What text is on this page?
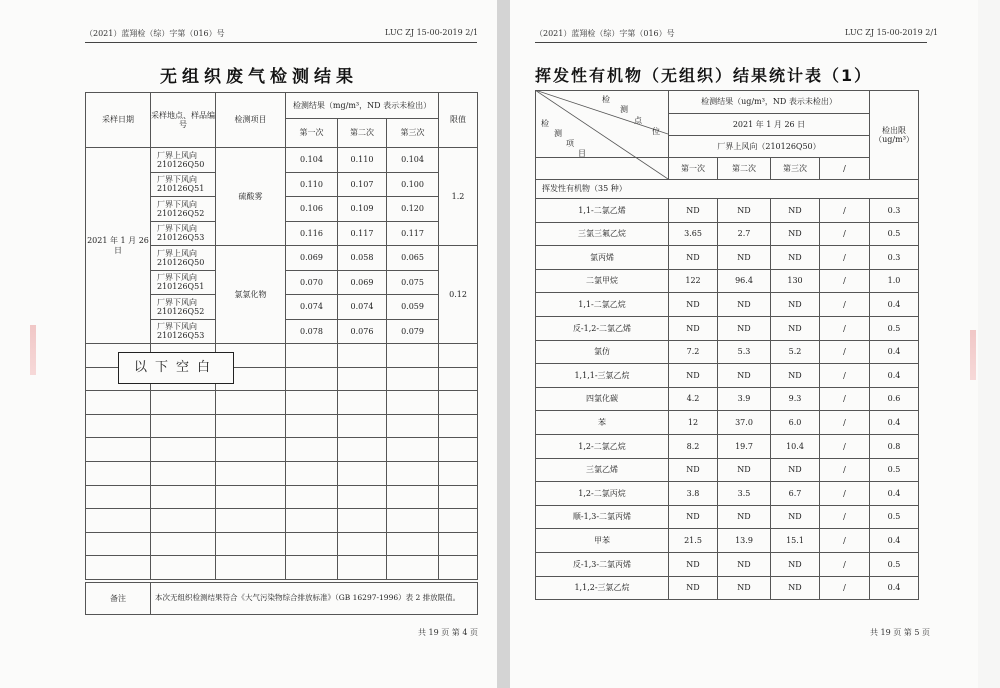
（2021）蓝翔检（综）字第（016）号	LUC ZJ 15-00-2019 2/1
无组织废气检测结果
采样日期	采样地点、样品编号	检测项目	检测结果（mg/m³，ND 表示未检出）			限值
			第一次	第二次	第三次	
2021 年 1 月 26 日	厂界上风向 210126Q50	硫酸雾	0.104	0.110	0.104	1.2
	厂界下风向 210126Q51		0.110	0.107	0.100	
	厂界下风向 210126Q52		0.106	0.109	0.120	
	厂界下风向 210126Q53		0.116	0.117	0.117	
	厂界上风向 210126Q50	氯氯化物	0.069	0.058	0.065	0.12
	厂界下风向 210126Q51		0.070	0.069	0.075	
	厂界下风向 210126Q52		0.074	0.074	0.059	
	厂界下风向 210126Q53		0.078	0.076	0.079	

备注	本次无组织检测结果符合《大气污染物综合排放标准》（GB 16297-1996）表 2 排放限值。
以下空白
共 19 页 第 4 页
（2021）蓝翔检（综）字第（016）号	LUC ZJ 15-00-2019 2/1
挥发性有机物（无组织）结果统计表（1）
共 19 页 第 5 页
	检测结果（ug/m³，ND 表示未检出）				检出限（ug/m³）
	2021 年 1 月 26 日				
	厂界上风向（210126Q50）				
	第一次	第二次	第三次	/	
挥发性有机物（35 种）					
1,1-二氯乙烯	ND	ND	ND	/	0.3
三氯三氟乙烷	3.65	2.7	ND	/	0.5
氯丙烯	ND	ND	ND	/	0.3
二氯甲烷	122	96.4	130	/	1.0
1,1-二氯乙烷	ND	ND	ND	/	0.4
反-1,2-二氯乙烯	ND	ND	ND	/	0.5
氯仿	7.2	5.3	5.2	/	0.4
1,1,1-三氯乙烷	ND	ND	ND	/	0.4
四氯化碳	4.2	3.9	9.3	/	0.6
苯	12	37.0	6.0	/	0.4
1,2-二氯乙烷	8.2	19.7	10.4	/	0.8
三氯乙烯	ND	ND	ND	/	0.5
1,2-二氯丙烷	3.8	3.5	6.7	/	0.4
顺-1,3-二氯丙烯	ND	ND	ND	/	0.5
甲苯	21.5	13.9	15.1	/	0.4
反-1,3-二氯丙烯	ND	ND	ND	/	0.5
1,1,2-三氯乙烷	ND	ND	ND	/	0.4
检
测
点
位
检
测
项
目
